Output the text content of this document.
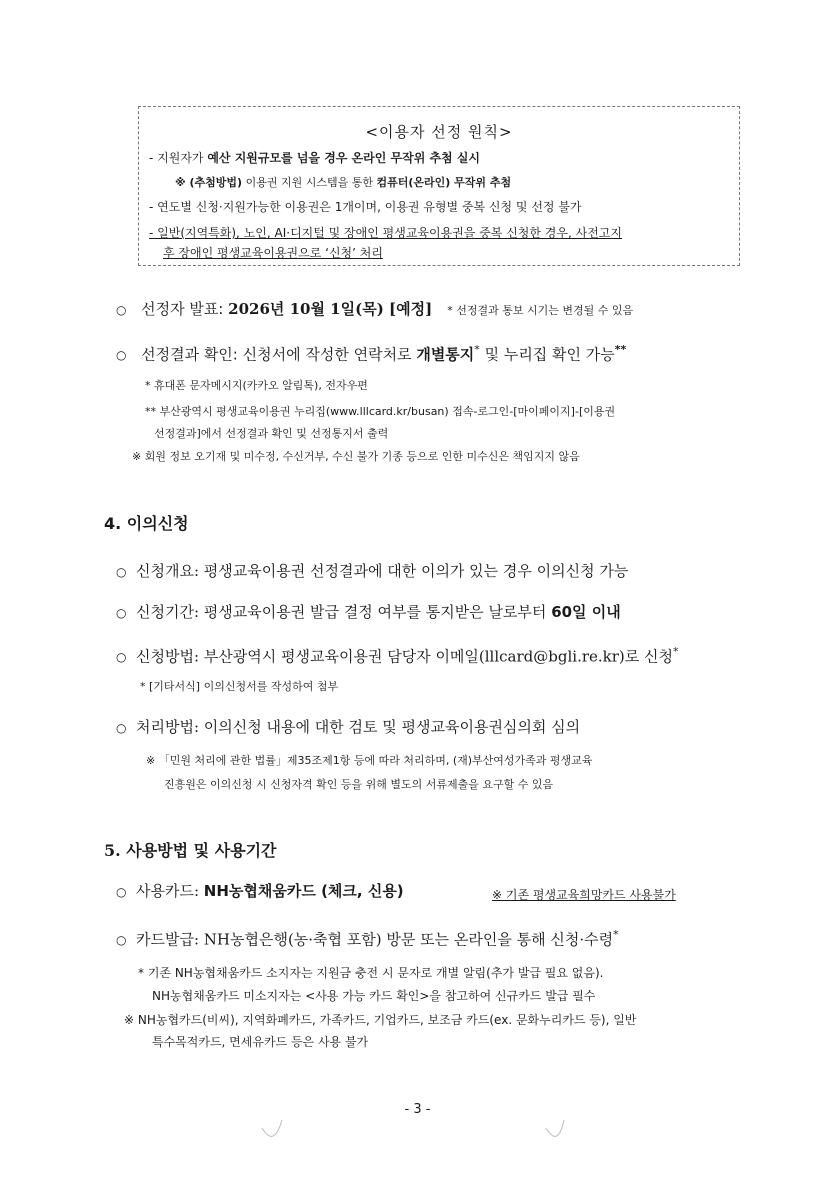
<이용자 선정 원칙>
- 지원자가 예산 지원규모를 넘을 경우 온라인 무작위 추첨 실시
※ (추첨방법) 이용권 지원 시스템을 통한 컴퓨터(온라인) 무작위 추첨
- 연도별 신청·지원가능한 이용권은 1개이며, 이용권 유형별 중복 신청 및 선정 불가
- 일반(지역특화), 노인, AI·디지털 및 장애인 평생교육이용권을 중복 신청한 경우, 사전고지
후 장애인 평생교육이용권으로 ‘신청’ 처리
○ 선정자 발표: 2026년 10월 1일(목) [예정] * 선정결과 통보 시기는 변경될 수 있음
○ 선정결과 확인: 신청서에 작성한 연락처로 개별통지* 및 누리집 확인 가능**
* 휴대폰 문자메시지(카카오 알림톡), 전자우편
** 부산광역시 평생교육이용권 누리집(www.lllcard.kr/busan) 접속-로그인-[마이페이지]-[이용권
선정결과]에서 선정결과 확인 및 선정통지서 출력
※ 회원 정보 오기재 및 미수정, 수신거부, 수신 불가 기종 등으로 인한 미수신은 책임지지 않음
4. 이의신청
○ 신청개요: 평생교육이용권 선정결과에 대한 이의가 있는 경우 이의신청 가능
○ 신청기간: 평생교육이용권 발급 결정 여부를 통지받은 날로부터 60일 이내
○ 신청방법: 부산광역시 평생교육이용권 담당자 이메일(lllcard@bgli.re.kr)로 신청*
* [기타서식] 이의신청서를 작성하여 첨부
○ 처리방법: 이의신청 내용에 대한 검토 및 평생교육이용권심의회 심의
※ 「민원 처리에 관한 법률」제35조제1항 등에 따라 처리하며, (재)부산여성가족과 평생교육
진흥원은 이의신청 시 신청자격 확인 등을 위해 별도의 서류제출을 요구할 수 있음
5. 사용방법 및 사용기간
○ 사용카드: NH농협채움카드 (체크, 신용)	※ 기존 평생교육희망카드 사용불가
○ 카드발급: NH농협은행(농·축협 포함) 방문 또는 온라인을 통해 신청·수령*
* 기존 NH농협채움카드 소지자는 지원금 충전 시 문자로 개별 알림(추가 발급 필요 없음).
NH농협채움카드 미소지자는 <사용 가능 카드 확인>을 참고하여 신규카드 발급 필수
※ NH농협카드(비씨), 지역화폐카드, 가족카드, 기업카드, 보조금 카드(ex. 문화누리카드 등), 일반
특수목적카드, 면세유카드 등은 사용 불가
- 3 -
